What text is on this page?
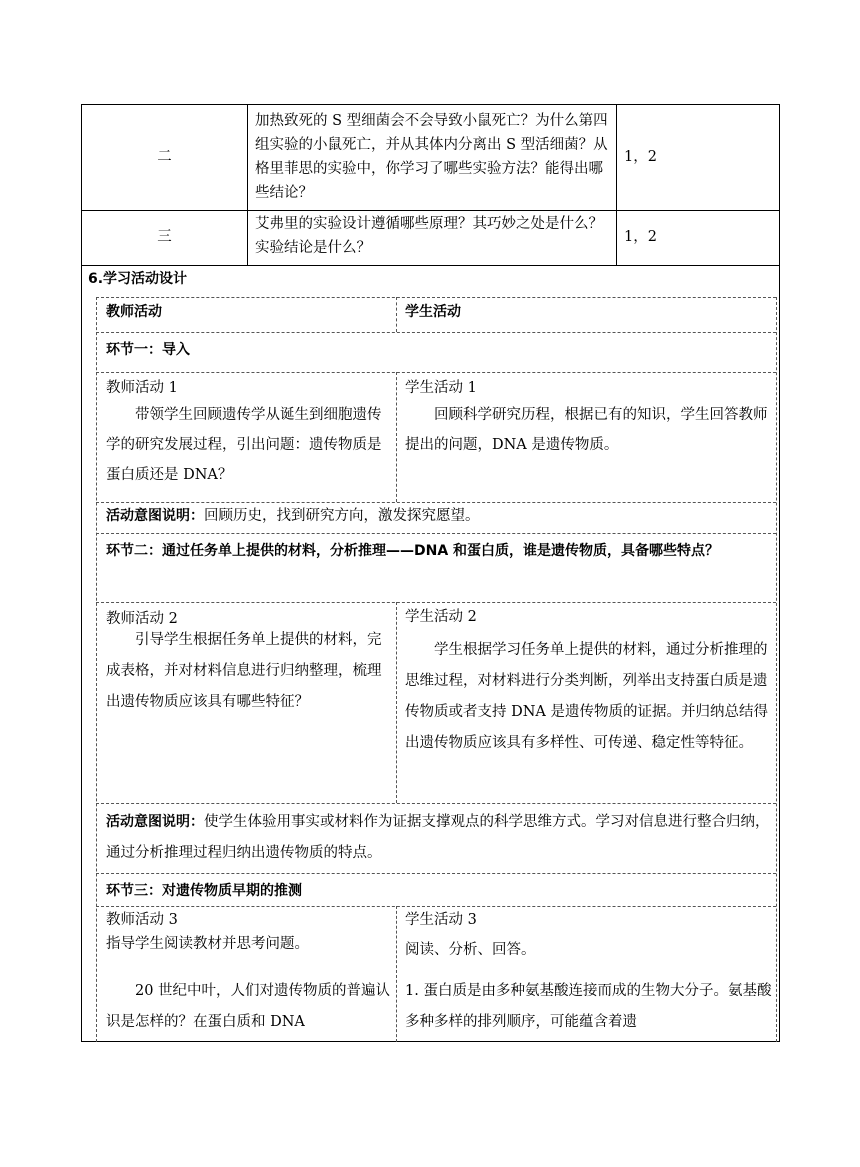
二
加热致死的 S 型细菌会不会导致小鼠死亡？为什么第四组实验的小鼠死亡，并从其体内分离出 S 型活细菌？从格里菲思的实验中，你学习了哪些实验方法？能得出哪些结论？
1，2
三
艾弗里的实验设计遵循哪些原理？其巧妙之处是什么？实验结论是什么？
1，2
6.学习活动设计
教师活动	学生活动
环节一：导入
教师活动 1
带领学生回顾遗传学从诞生到细胞遗传学的研究发展过程，引出问题：遗传物质是蛋白质还是 DNA？
学生活动 1
回顾科学研究历程，根据已有的知识，学生回答教师提出的问题，DNA 是遗传物质。
活动意图说明：回顾历史，找到研究方向，激发探究愿望。
环节二：通过任务单上提供的材料，分析推理——DNA 和蛋白质，谁是遗传物质，具备哪些特点？
教师活动 2
引导学生根据任务单上提供的材料，完成表格，并对材料信息进行归纳整理，梳理出遗传物质应该具有哪些特征？
学生活动 2
学生根据学习任务单上提供的材料，通过分析推理的思维过程，对材料进行分类判断，列举出支持蛋白质是遗传物质或者支持 DNA 是遗传物质的证据。并归纳总结得出遗传物质应该具有多样性、可传递、稳定性等特征。
活动意图说明：使学生体验用事实或材料作为证据支撑观点的科学思维方式。学习对信息进行整合归纳，通过分析推理过程归纳出遗传物质的特点。
环节三：对遗传物质早期的推测
教师活动 3
指导学生阅读教材并思考问题。
20 世纪中叶，人们对遗传物质的普遍认识是怎样的？在蛋白质和 DNA
学生活动 3
阅读、分析、回答。
1. 蛋白质是由多种氨基酸连接而成的生物大分子。氨基酸多种多样的排列顺序，可能蕴含着遗
